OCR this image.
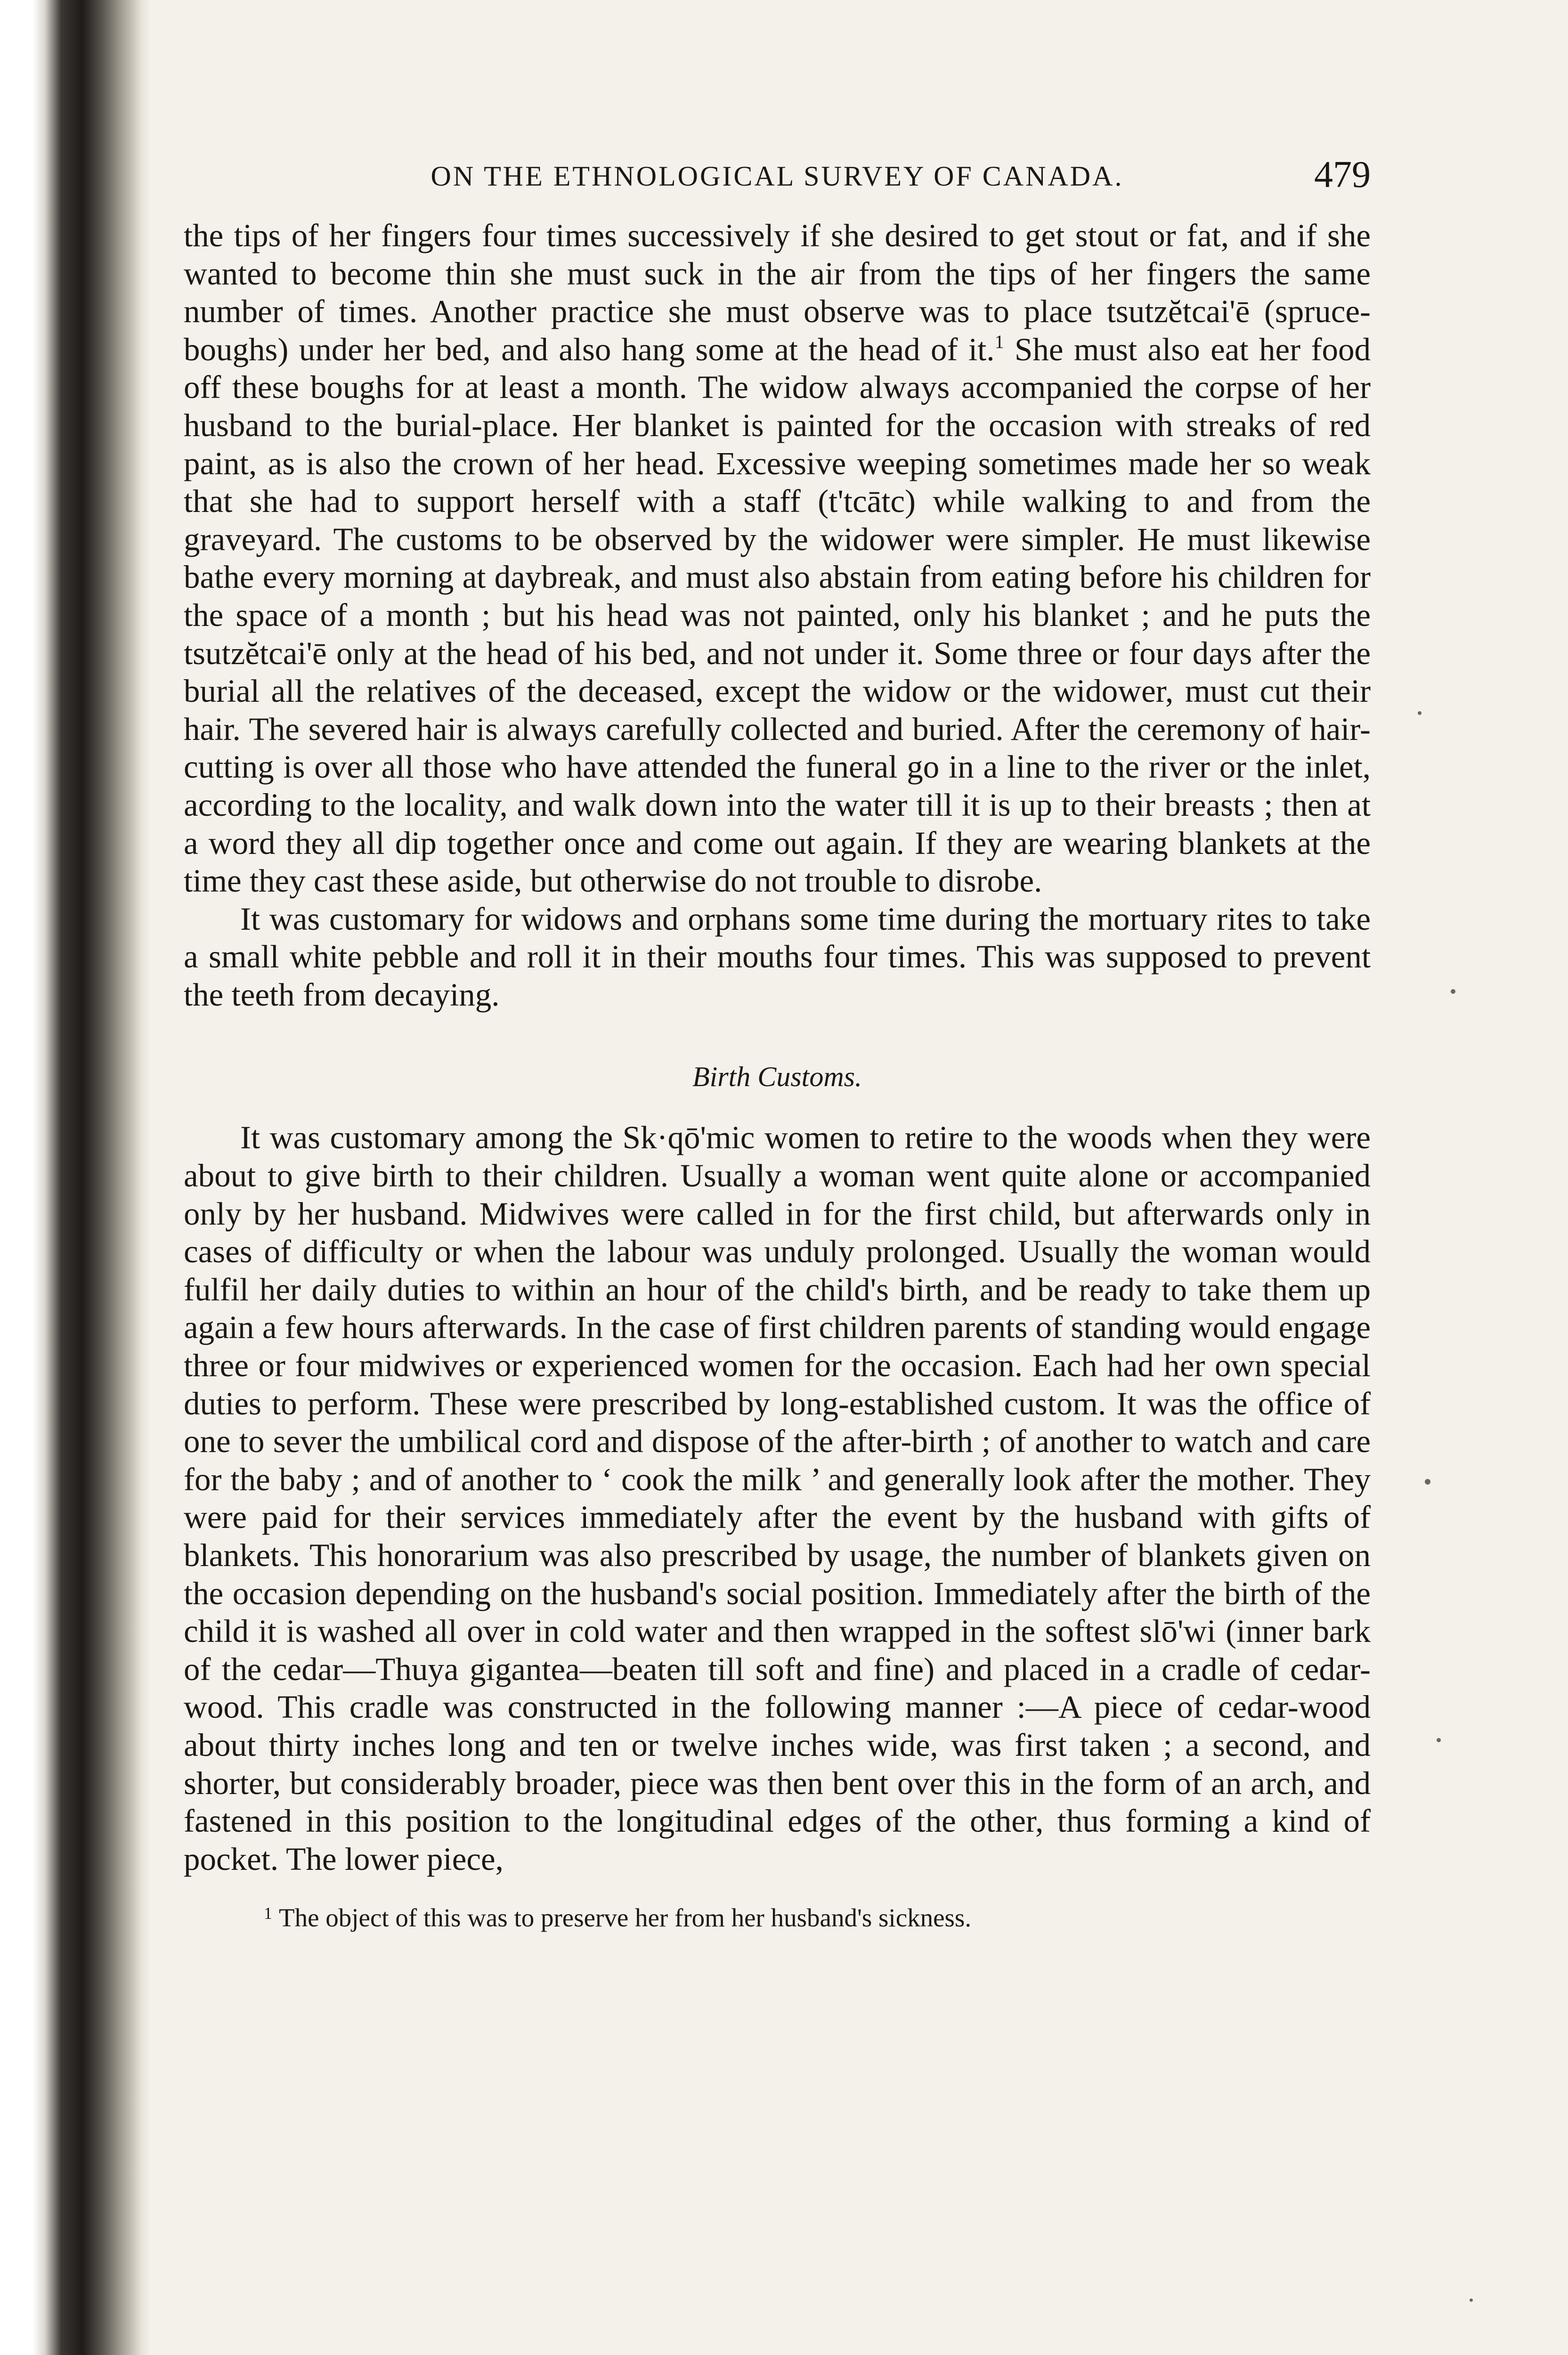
ON THE ETHNOLOGICAL SURVEY OF CANADA.	479

the tips of her fingers four times successively if she desired to get stout or fat, and if she wanted to become thin she must suck in the air from the tips of her fingers the same number of times. Another practice she must observe was to place tsutzĕtcai'ē (spruce-boughs) under her bed, and also hang some at the head of it.$^1$ She must also eat her food off these boughs for at least a month. The widow always accompanied the corpse of her husband to the burial-place. Her blanket is painted for the occasion with streaks of red paint, as is also the crown of her head. Excessive weeping sometimes made her so weak that she had to support herself with a staff (t'tcātc) while walking to and from the graveyard. The customs to be observed by the widower were simpler. He must likewise bathe every morning at daybreak, and must also abstain from eating before his children for the space of a month ; but his head was not painted, only his blanket ; and he puts the tsutzĕtcai'ē only at the head of his bed, and not under it. Some three or four days after the burial all the relatives of the deceased, except the widow or the widower, must cut their hair. The severed hair is always carefully collected and buried. After the ceremony of hair-cutting is over all those who have attended the funeral go in a line to the river or the inlet, according to the locality, and walk down into the water till it is up to their breasts ; then at a word they all dip together once and come out again. If they are wearing blankets at the time they cast these aside, but otherwise do not trouble to disrobe.

It was customary for widows and orphans some time during the mortuary rites to take a small white pebble and roll it in their mouths four times. This was supposed to prevent the teeth from decaying.

Birth Customs.

It was customary among the Sk·qō'mic women to retire to the woods when they were about to give birth to their children. Usually a woman went quite alone or accompanied only by her husband. Midwives were called in for the first child, but afterwards only in cases of difficulty or when the labour was unduly prolonged. Usually the woman would fulfil her daily duties to within an hour of the child's birth, and be ready to take them up again a few hours afterwards. In the case of first children parents of standing would engage three or four midwives or experienced women for the occasion. Each had her own special duties to perform. These were prescribed by long-established custom. It was the office of one to sever the umbilical cord and dispose of the after-birth ; of another to watch and care for the baby ; and of another to ‘ cook the milk ’ and generally look after the mother. They were paid for their services immediately after the event by the husband with gifts of blankets. This honorarium was also prescribed by usage, the number of blankets given on the occasion depending on the husband's social position. Immediately after the birth of the child it is washed all over in cold water and then wrapped in the softest slō'wi (inner bark of the cedar—Thuya gigantea—beaten till soft and fine) and placed in a cradle of cedar-wood. This cradle was constructed in the following manner :—A piece of cedar-wood about thirty inches long and ten or twelve inches wide, was first taken ; a second, and shorter, but considerably broader, piece was then bent over this in the form of an arch, and fastened in this position to the longitudinal edges of the other, thus forming a kind of pocket. The lower piece,

$^1$ The object of this was to preserve her from her husband's sickness.
